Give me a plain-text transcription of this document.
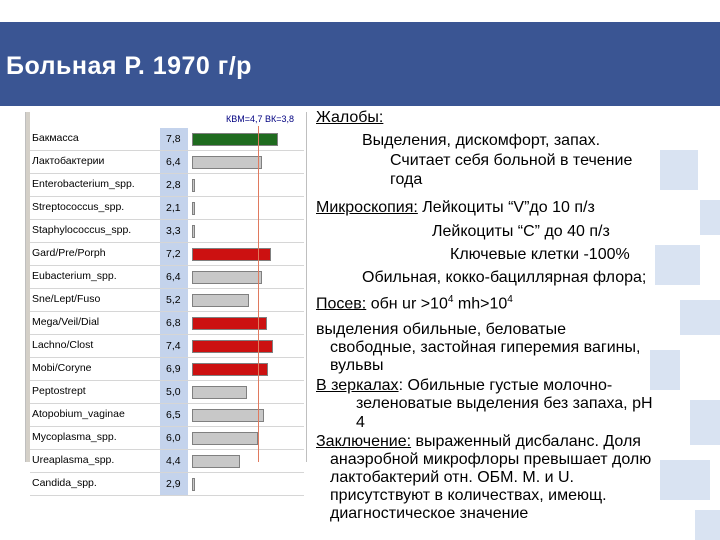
Больная Р. 1970 г/р
КВМ=4,7 ВК=3,8
Бакмасса	7,8
Лактобактерии	6,4
Enterobacterium_spp.	2,8
Streptococcus_spp.	2,1
Staphylococcus_spp.	3,3
Gard/Pre/Porph	7,2
Eubacterium_spp.	6,4
Sne/Lept/Fuso	5,2
Mega/Veil/Dial	6,8
Lachno/Clost	7,4
Mobi/Coryne	6,9
Peptostrept	5,0
Atopobium_vaginae	6,5
Mycoplasma_spp.	6,0
Ureaplasma_spp.	4,4
Candida_spp.	2,9
Жалобы:
Выделения, дискомфорт, запах.
Считает себя больной в течение
года
Микроскопия: Лейкоциты “V”до 10 п/з
Лейкоциты “С” до 40 п/з
Ключевые клетки -100%
Обильная, кокко-бациллярная флора;
Посев: обн ur $>10^4$ $mh>10^4$
выделения обильные, беловатые
свободные, застойная гиперемия вагины,
вульвы
В зеркалах: Обильные густые молочно-
зеленоватые выделения без запаха, pH
4
Заключение: выраженный дисбаланс. Доля
анаэробной микрофлоры превышает долю
лактобактерий отн. ОБМ. M. и U.
присутствуют в количествах, имеющ.
диагностическое значение
